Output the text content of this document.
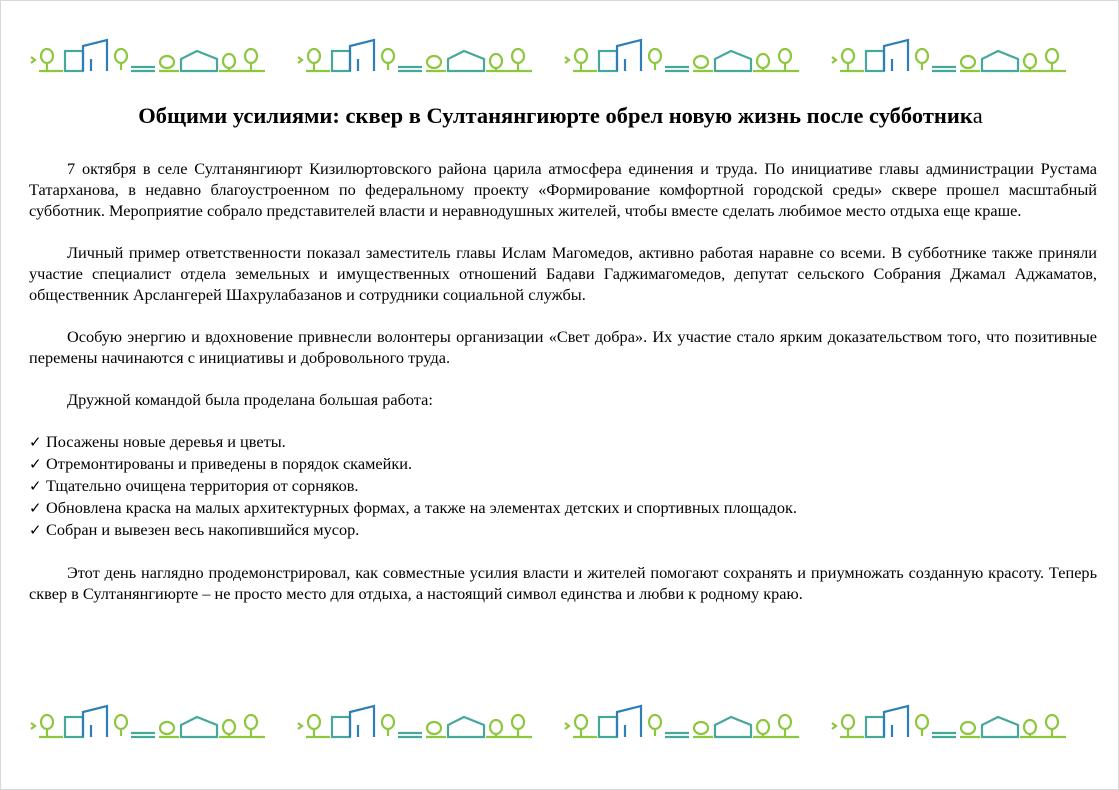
Общими усилиями: сквер в Султанянгиюрте обрел новую жизнь после субботника

7 октября в селе Султанянгиюрт Кизилюртовского района царила атмосфера единения и труда. По инициативе главы администрации Рустама Татарханова, в недавно благоустроенном по федеральному проекту «Формирование комфортной городской среды» сквере прошел масштабный субботник. Мероприятие собрало представителей власти и неравнодушных жителей, чтобы вместе сделать любимое место отдыха еще краше.

Личный пример ответственности показал заместитель главы Ислам Магомедов, активно работая наравне со всеми. В субботнике также приняли участие специалист отдела земельных и имущественных отношений Бадави Гаджимагомедов, депутат сельского Собрания Джамал Аджаматов, общественник Арслангерей Шахрулабазанов и сотрудники социальной службы.

Особую энергию и вдохновение привнесли волонтеры организации «Свет добра». Их участие стало ярким доказательством того, что позитивные перемены начинаются с инициативы и добровольного труда.

Дружной командой была проделана большая работа:

✓ Посажены новые деревья и цветы.
✓ Отремонтированы и приведены в порядок скамейки.
✓ Тщательно очищена территория от сорняков.
✓ Обновлена краска на малых архитектурных формах, а также на элементах детских и спортивных площадок.
✓ Собран и вывезен весь накопившийся мусор.

Этот день наглядно продемонстрировал, как совместные усилия власти и жителей помогают сохранять и приумножать созданную красоту. Теперь сквер в Султанянгиюрте – не просто место для отдыха, а настоящий символ единства и любви к родному краю.
